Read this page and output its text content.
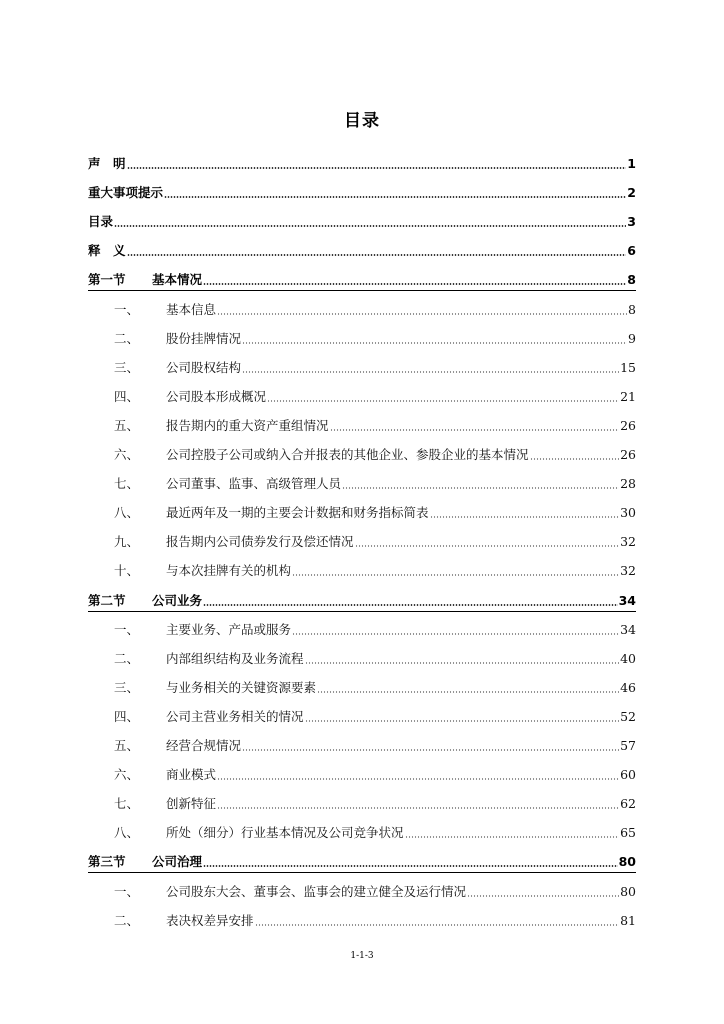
目录
声　明	1
重大事项提示	2
目录	3
释　义	6
第一节	基本情况	8
一、	基本信息	8
二、	股份挂牌情况	9
三、	公司股权结构	15
四、	公司股本形成概况	21
五、	报告期内的重大资产重组情况	26
六、	公司控股子公司或纳入合并报表的其他企业、参股企业的基本情况	26
七、	公司董事、监事、高级管理人员	28
八、	最近两年及一期的主要会计数据和财务指标简表	30
九、	报告期内公司债券发行及偿还情况	32
十、	与本次挂牌有关的机构	32
第二节	公司业务	34
一、	主要业务、产品或服务	34
二、	内部组织结构及业务流程	40
三、	与业务相关的关键资源要素	46
四、	公司主营业务相关的情况	52
五、	经营合规情况	57
六、	商业模式	60
七、	创新特征	62
八、	所处（细分）行业基本情况及公司竞争状况	65
第三节	公司治理	80
一、	公司股东大会、董事会、监事会的建立健全及运行情况	80
二、	表决权差异安排	81
1-1-3
